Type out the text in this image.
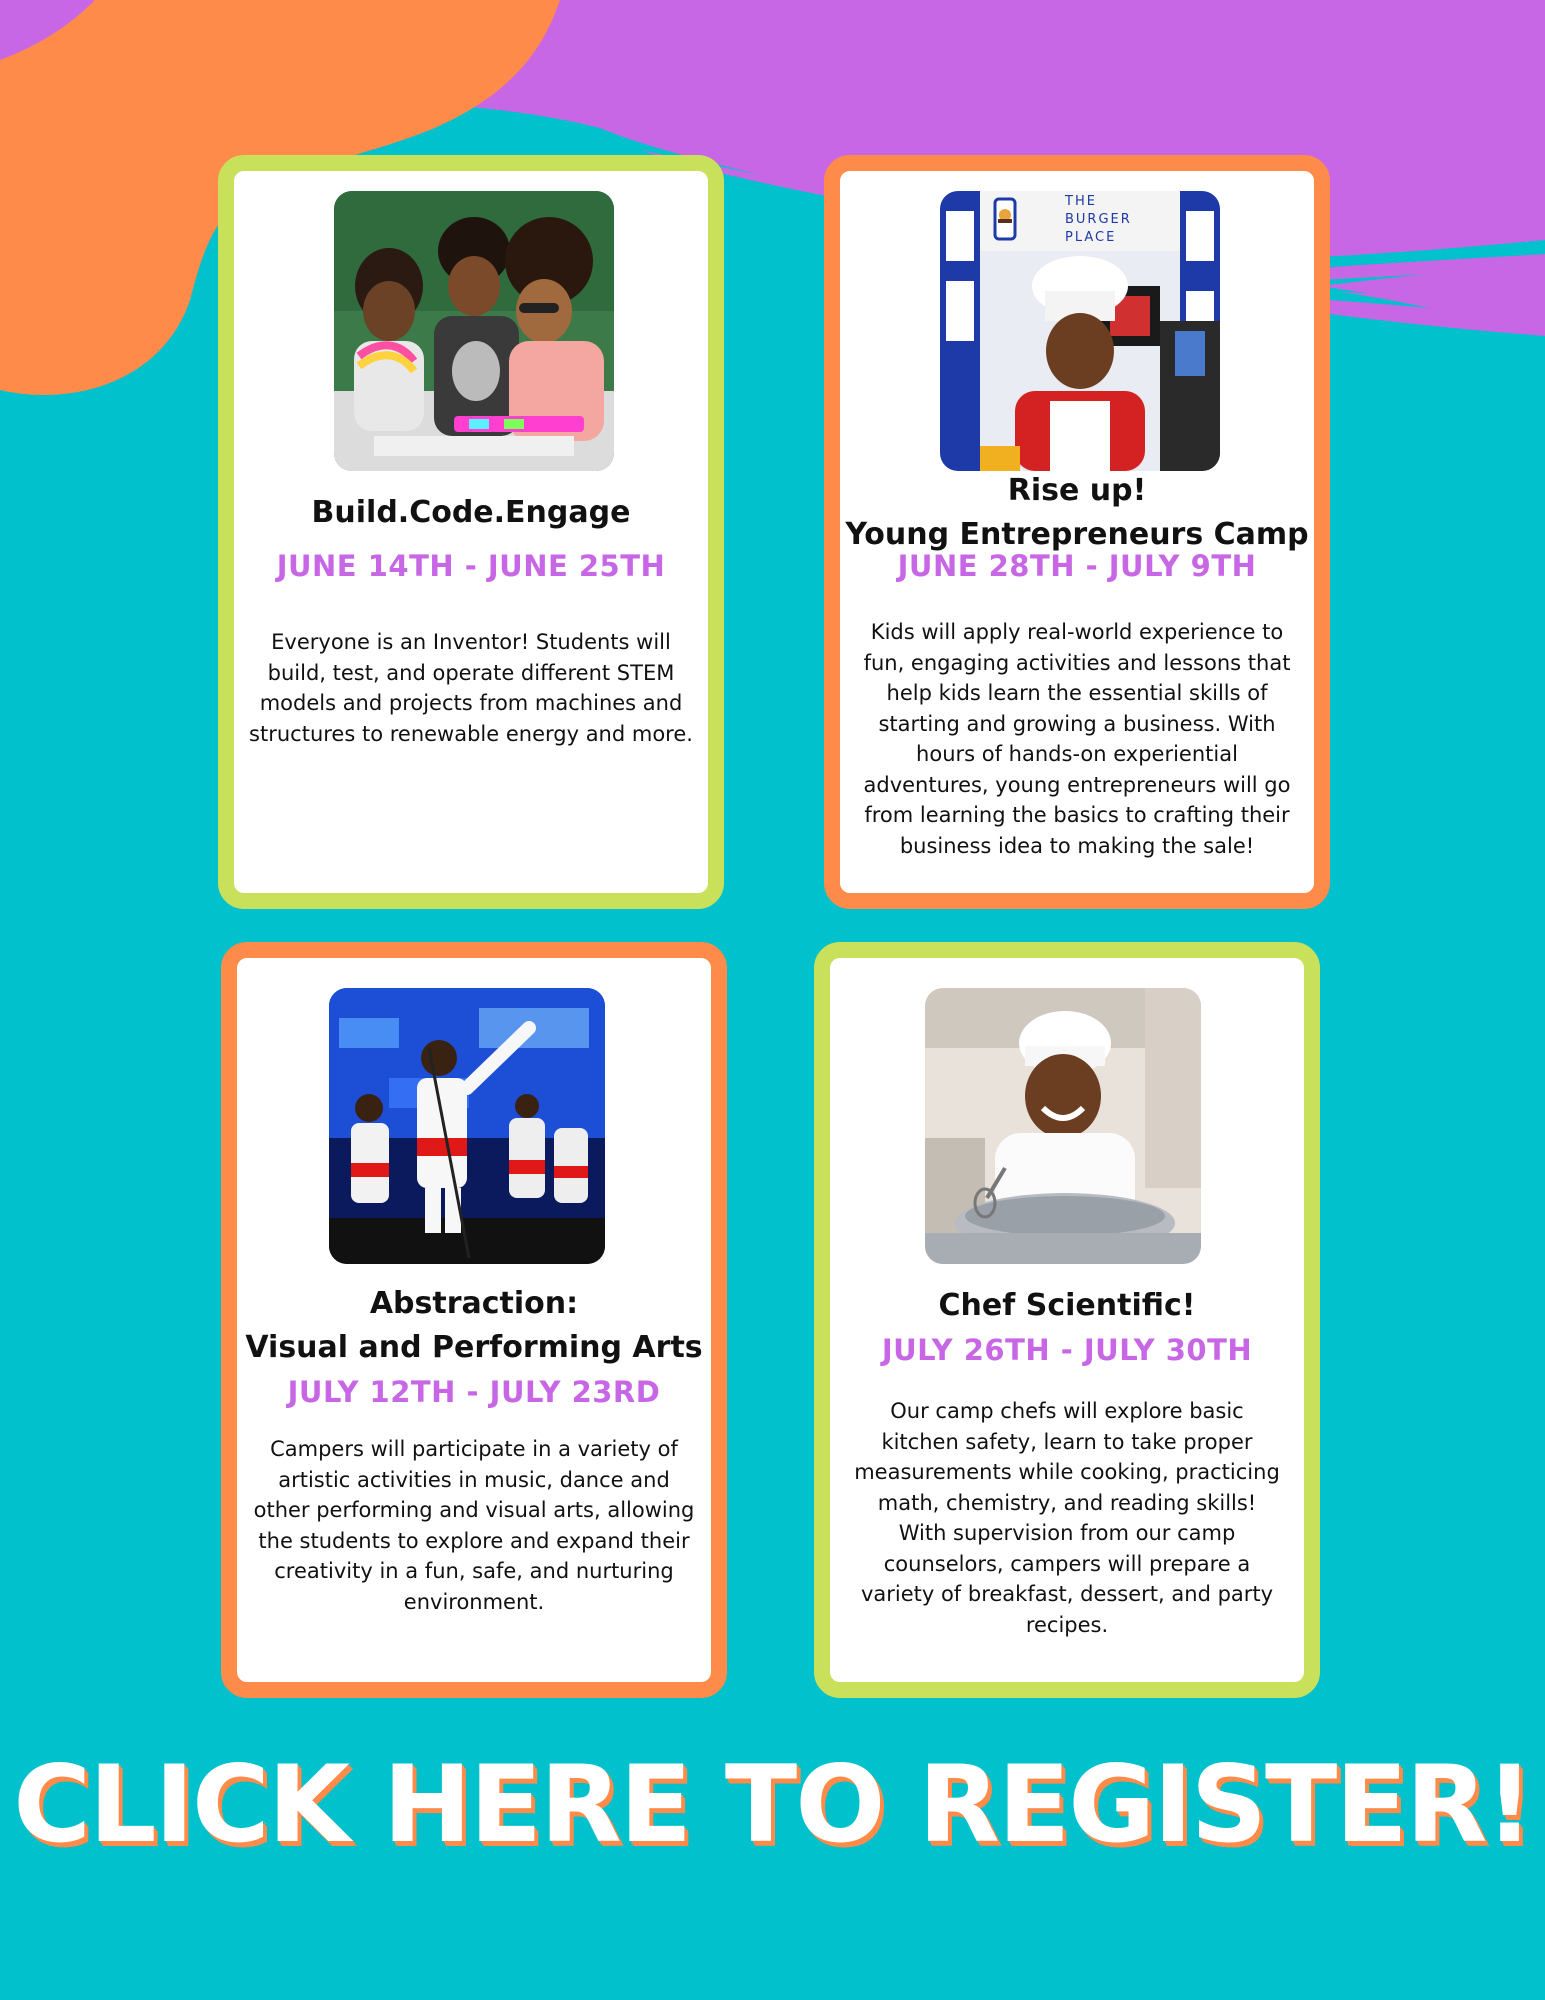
Build.Code.Engage

JUNE 14TH - JUNE 25TH

Everyone is an Inventor! Students will build, test, and operate different STEM models and projects from machines and structures to renewable energy and more.

THE
BURGER
PLACE
Rise up!
Young Entrepreneurs Camp

JUNE 28TH - JULY 9TH

Kids will apply real-world experience to fun, engaging activities and lessons that help kids learn the essential skills of starting and growing a business. With hours of hands-on experiential adventures, young entrepreneurs will go from learning the basics to crafting their business idea to making the sale!

Abstraction:
Visual and Performing Arts

JULY 12TH - JULY 23RD

Campers will participate in a variety of artistic activities in music, dance and other performing and visual arts, allowing the students to explore and expand their creativity in a fun, safe, and nurturing environment.

Chef Scientific!

JULY 26TH - JULY 30TH

Our camp chefs will explore basic kitchen safety, learn to take proper measurements while cooking, practicing math, chemistry, and reading skills! With supervision from our camp counselors, campers will prepare a variety of breakfast, dessert, and party recipes.

CLICK HERE TO REGISTER!
